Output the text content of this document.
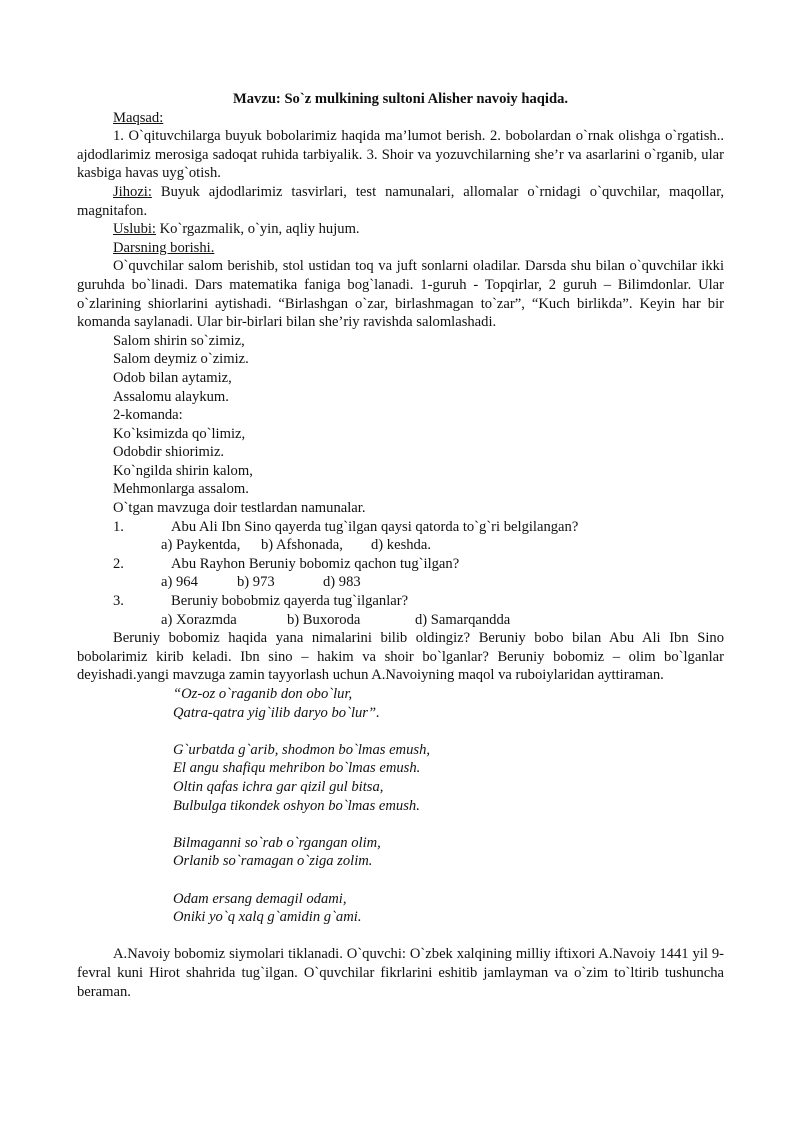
Mavzu: So`z mulkining sultoni Alisher navoiy haqida.

Maqsad:

1. O`qituvchilarga buyuk bobolarimiz haqida ma’lumot berish. 2. bobolardan o`rnak olishga o`rgatish.. ajdodlarimiz merosiga sadoqat ruhida tarbiyalik. 3. Shoir va yozuvchilarning she’r va asarlarini o`rganib, ular kasbiga havas uyg`otish.

Jihozi: Buyuk ajdodlarimiz tasvirlari, test namunalari, allomalar o`rnidagi o`quvchilar, maqollar, magnitafon.

Uslubi: Ko`rgazmalik, o`yin, aqliy hujum.

Darsning borishi.

O`quvchilar salom berishib, stol ustidan toq va juft sonlarni oladilar. Darsda shu bilan o`quvchilar ikki guruhda bo`linadi. Dars matematika faniga bog`lanadi. 1-guruh - Topqirlar, 2 guruh – Bilimdonlar. Ular o`zlarining shiorlarini aytishadi. “Birlashgan o`zar, birlashmagan to`zar”, “Kuch birlikda”. Keyin har bir komanda saylanadi. Ular bir-birlari bilan she’riy ravishda salomlashadi.

Salom shirin so`zimiz,

Salom deymiz o`zimiz.

Odob bilan aytamiz,

Assalomu alaykum.

2-komanda:

Ko`ksimizda qo`limiz,

Odobdir shiorimiz.

Ko`ngilda shirin kalom,

Mehmonlarga assalom.

O`tgan mavzuga doir testlardan namunalar.

1.	Abu Ali Ibn Sino qayerda tug`ilgan qaysi qatorda to`g`ri belgilangan?
a) Paykentda, b) Afshonada, d) keshda.
2.	Abu Rayhon Beruniy bobomiz qachon tug`ilgan?
a) 964	b) 973	d) 983
3.	Beruniy bobobmiz qayerda tug`ilganlar?
a) Xorazmda	b) Buxoroda	d) Samarqandda

Beruniy bobomiz haqida yana nimalarini bilib oldingiz? Beruniy bobo bilan Abu Ali Ibn Sino bobolarimiz kirib keladi. Ibn sino – hakim va shoir bo`lganlar? Beruniy bobomiz – olim bo`lganlar deyishadi.yangi mavzuga zamin tayyorlash uchun A.Navoiyning maqol va ruboiylaridan ayttiraman.

“Oz-oz o`raganib don obo`lur,

Qatra-qatra yig`ilib daryo bo`lur”.

G`urbatda g`arib, shodmon bo`lmas emush,

El angu shafiqu mehribon bo`lmas emush.

Oltin qafas ichra gar qizil gul bitsa,

Bulbulga tikondek oshyon bo`lmas emush.

Bilmaganni so`rab o`rgangan olim,

Orlanib so`ramagan o`ziga zolim.

Odam ersang demagil odami,

Oniki yo`q xalq g`amidin g`ami.

A.Navoiy bobomiz siymolari tiklanadi. O`quvchi: O`zbek xalqining milliy iftixori A.Navoiy 1441 yil 9-fevral kuni Hirot shahrida tug`ilgan. O`quvchilar fikrlarini eshitib jamlayman va o`zim to`ltirib tushuncha beraman.
